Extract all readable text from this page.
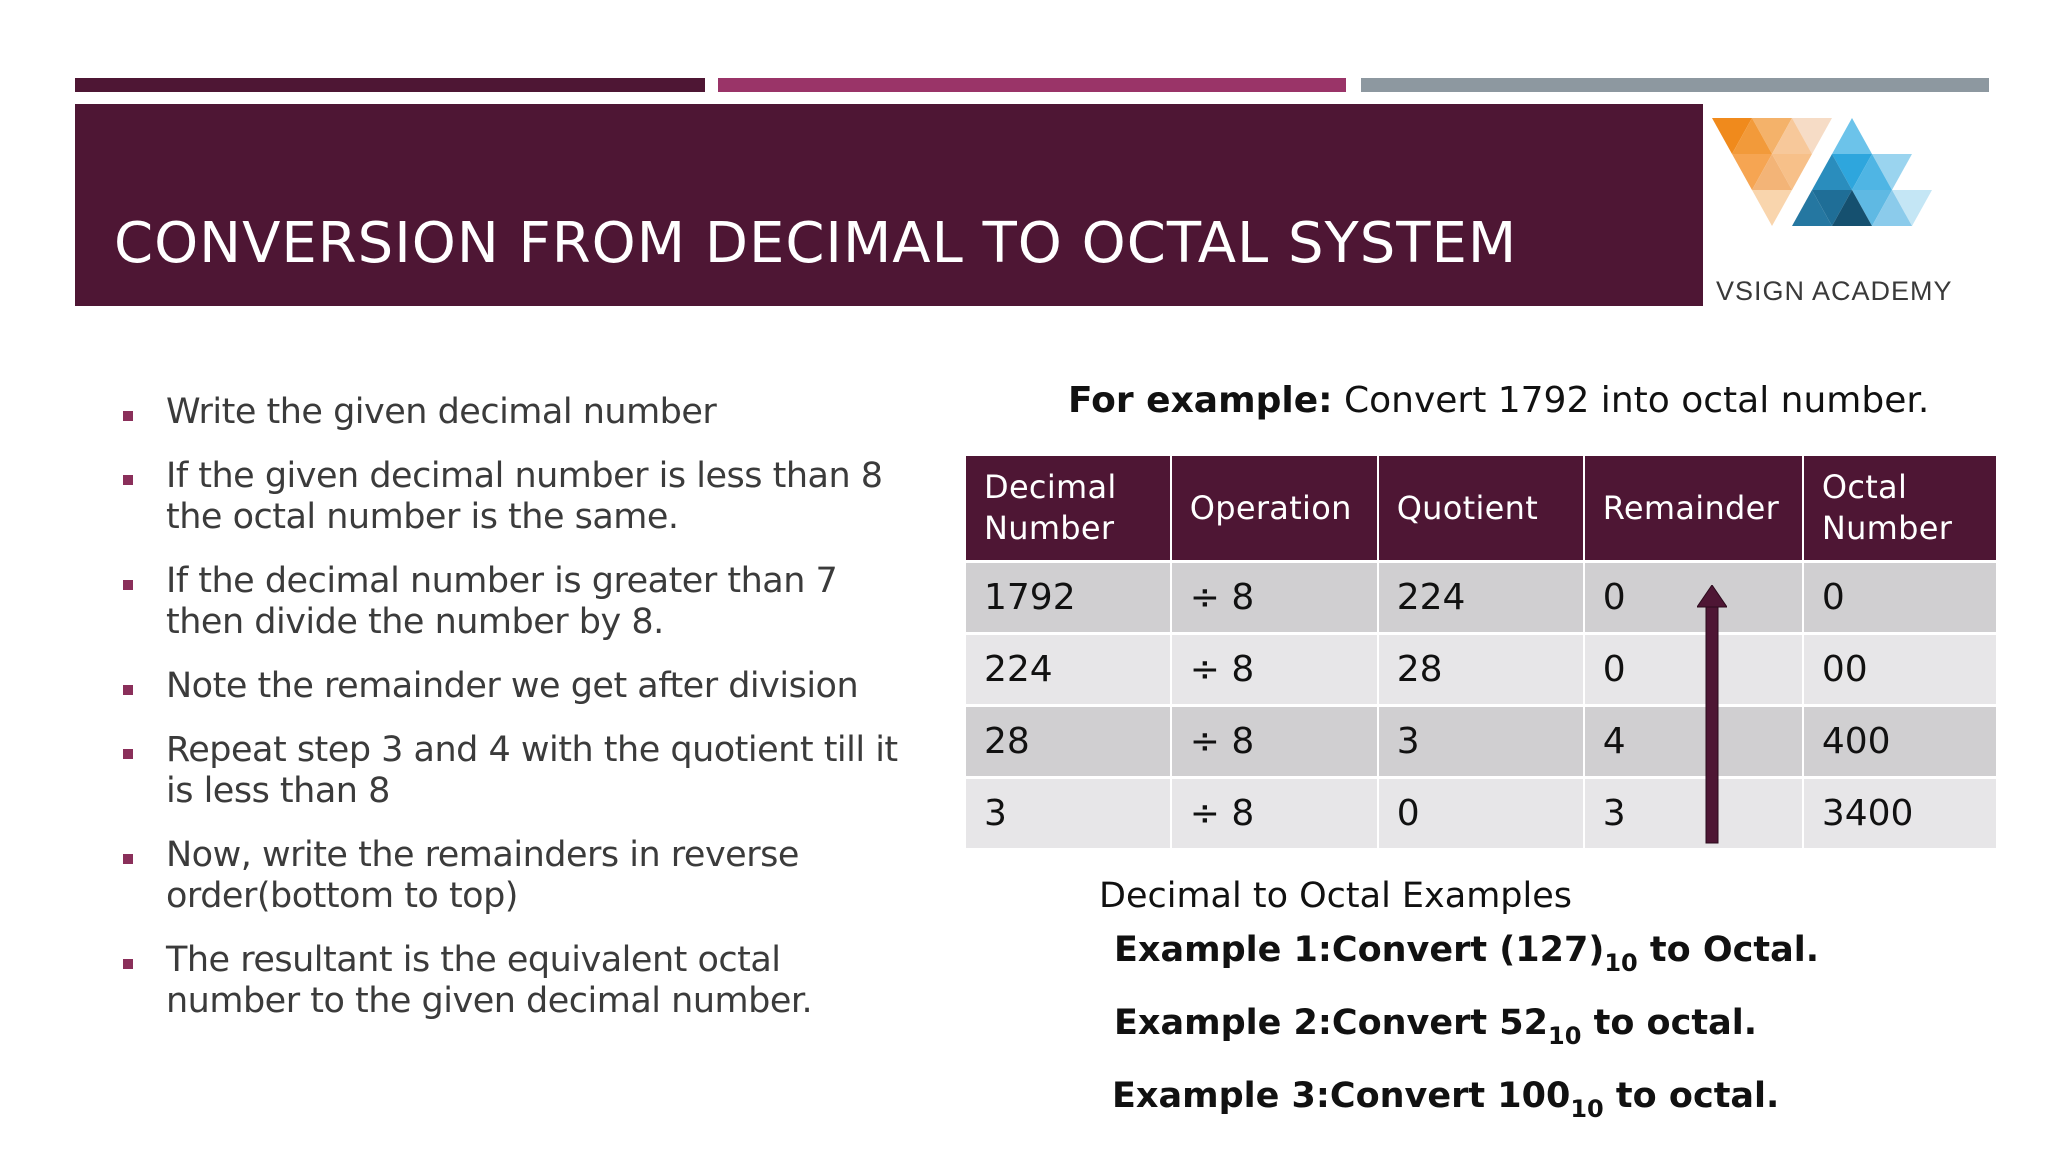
CONVERSION FROM DECIMAL TO OCTAL SYSTEM
VSIGN ACADEMY
Write the given decimal number
If the given decimal number is less than 8 the octal number is the same.
If the decimal number is greater than 7 then divide the number by 8.
Note the remainder we get after division
Repeat step 3 and 4 with the quotient till it is less than 8
Now, write the remainders in reverse order(bottom to top)
The resultant is the equivalent octal number to the given decimal number.
For example: Convert 1792 into octal number.
Decimal Number	Operation	Quotient	Remainder	Octal Number
1792	÷ 8	224	0	0
224	÷ 8	28	0	00
28	÷ 8	3	4	400
3	÷ 8	0	3	3400
Decimal to Octal Examples
Example 1:Convert $(127)_{10}$ to Octal.
Example 2:Convert $52_{10}$ to octal.
Example 3:Convert $100_{10}$ to octal.
